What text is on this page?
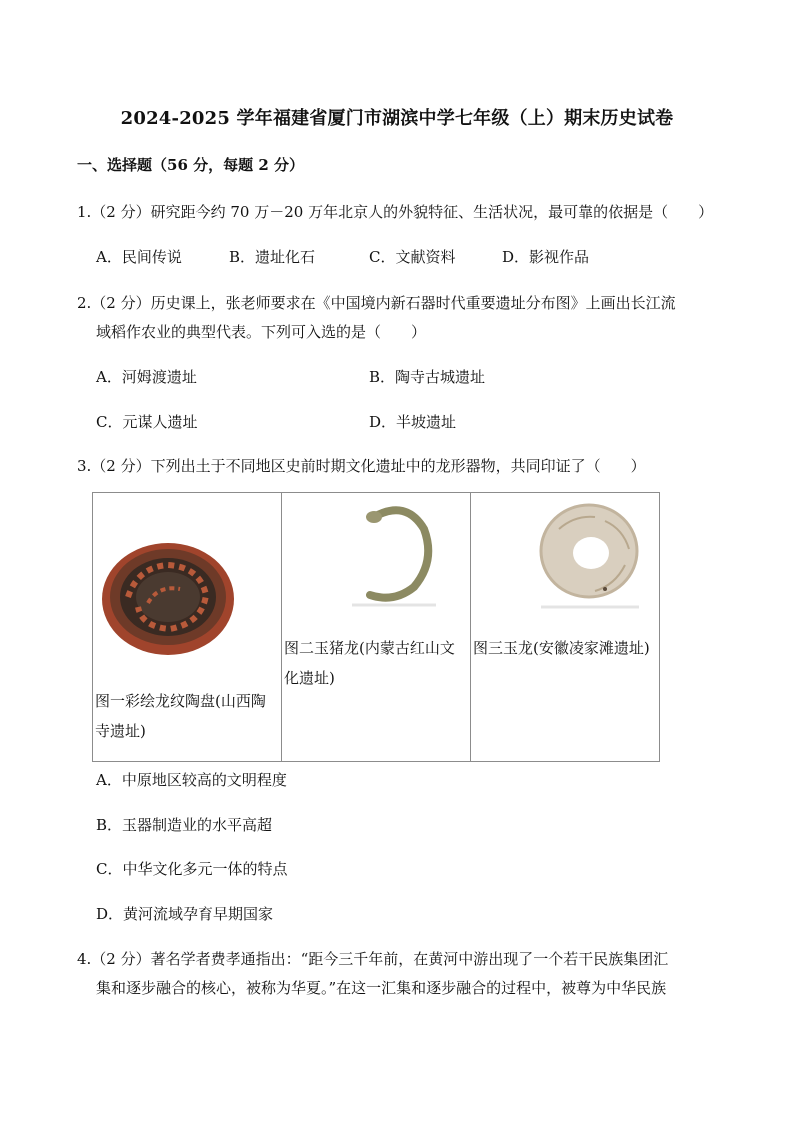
2024-2025 学年福建省厦门市湖滨中学七年级（上）期末历史试卷
一、选择题（56 分，每题 2 分）
1.（2 分）研究距今约 70 万－20 万年北京人的外貌特征、生活状况，最可靠的依据是（　　）
A．民间传说	B．遗址化石	C．文献资料	D．影视作品
2.（2 分）历史课上，张老师要求在《中国境内新石器时代重要遗址分布图》上画出长江流
域稻作农业的典型代表。下列可入选的是（　　）
A．河姆渡遗址	B．陶寺古城遗址
C．元谋人遗址	D．半坡遗址
3.（2 分）下列出土于不同地区史前时期文化遗址中的龙形器物，共同印证了（　　）
图一彩绘龙纹陶盘(山西陶
寺遗址)

图二玉猪龙(内蒙古红山文
化遗址)

图三玉龙(安徽凌家滩遗址)
A．中原地区较高的文明程度
B．玉器制造业的水平高超
C．中华文化多元一体的特点
D．黄河流域孕育早期国家
4.（2 分）著名学者费孝通指出：“距今三千年前，在黄河中游出现了一个若干民族集团汇
集和逐步融合的核心，被称为华夏。”在这一汇集和逐步融合的过程中，被尊为中华民族
